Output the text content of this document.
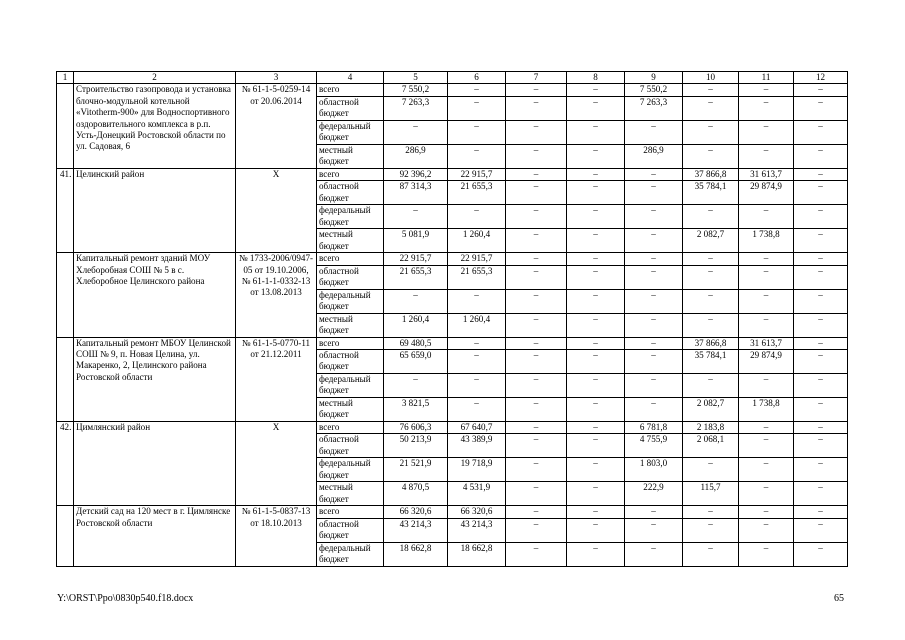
1	2	3	4	5	6	7	8	9	10	11	12
	Строительство газопровода и установка блочно-модульной котельной «Vitotherm-900» для Водноспортивного оздоровительного комплекса в р.п. Усть-Донецкий Ростовской области по ул. Садовая, 6	№ 61-1-5-0259-14 от 20.06.2014	всего	7 550,2	–	–	–	7 550,2	–	–	–
			областной бюджет	7 263,3	–	–	–	7 263,3	–	–	–
			федеральный бюджет	–	–	–	–	–	–	–	–
			местный бюджет	286,9	–	–	–	286,9	–	–	–
41.	Целинский район	X	всего	92 396,2	22 915,7	–	–	–	37 866,8	31 613,7	–
			областной бюджет	87 314,3	21 655,3	–	–	–	35 784,1	29 874,9	–
			федеральный бюджет	–	–	–	–	–	–	–	–
			местный бюджет	5 081,9	1 260,4	–	–	–	2 082,7	1 738,8	–
	Капитальный ремонт зданий МОУ Хлеборобная СОШ № 5 в с. Хлеборобное Целинского района	№ 1733-2006/0947-05 от 19.10.2006, № 61-1-1-0332-13 от 13.08.2013	всего	22 915,7	22 915,7	–	–	–	–	–	–
			областной бюджет	21 655,3	21 655,3	–	–	–	–	–	–
			федеральный бюджет	–	–	–	–	–	–	–	–
			местный бюджет	1 260,4	1 260,4	–	–	–	–	–	–
	Капитальный ремонт МБОУ Целинской СОШ № 9, п. Новая Целина, ул. Макаренко, 2, Целинского района Ростовской области	№ 61-1-5-0770-11 от 21.12.2011	всего	69 480,5	–	–	–	–	37 866,8	31 613,7	–
			областной бюджет	65 659,0	–	–	–	–	35 784,1	29 874,9	–
			федеральный бюджет	–	–	–	–	–	–	–	–
			местный бюджет	3 821,5	–	–	–	–	2 082,7	1 738,8	–
42.	Цимлянский район	X	всего	76 606,3	67 640,7	–	–	6 781,8	2 183,8	–	–
			областной бюджет	50 213,9	43 389,9	–	–	4 755,9	2 068,1	–	–
			федеральный бюджет	21 521,9	19 718,9	–	–	1 803,0	–	–	–
			местный бюджет	4 870,5	4 531,9	–	–	222,9	115,7	–	–
	Детский сад на 120 мест в г. Цимлянске Ростовской области	№ 61-1-5-0837-13 от 18.10.2013	всего	66 320,6	66 320,6	–	–	–	–	–	–
			областной бюджет	43 214,3	43 214,3	–	–	–	–	–	–
			федеральный бюджет	18 662,8	18 662,8	–	–	–	–	–	–
Y:\ORST\Ppo\0830p540.f18.docx	65
